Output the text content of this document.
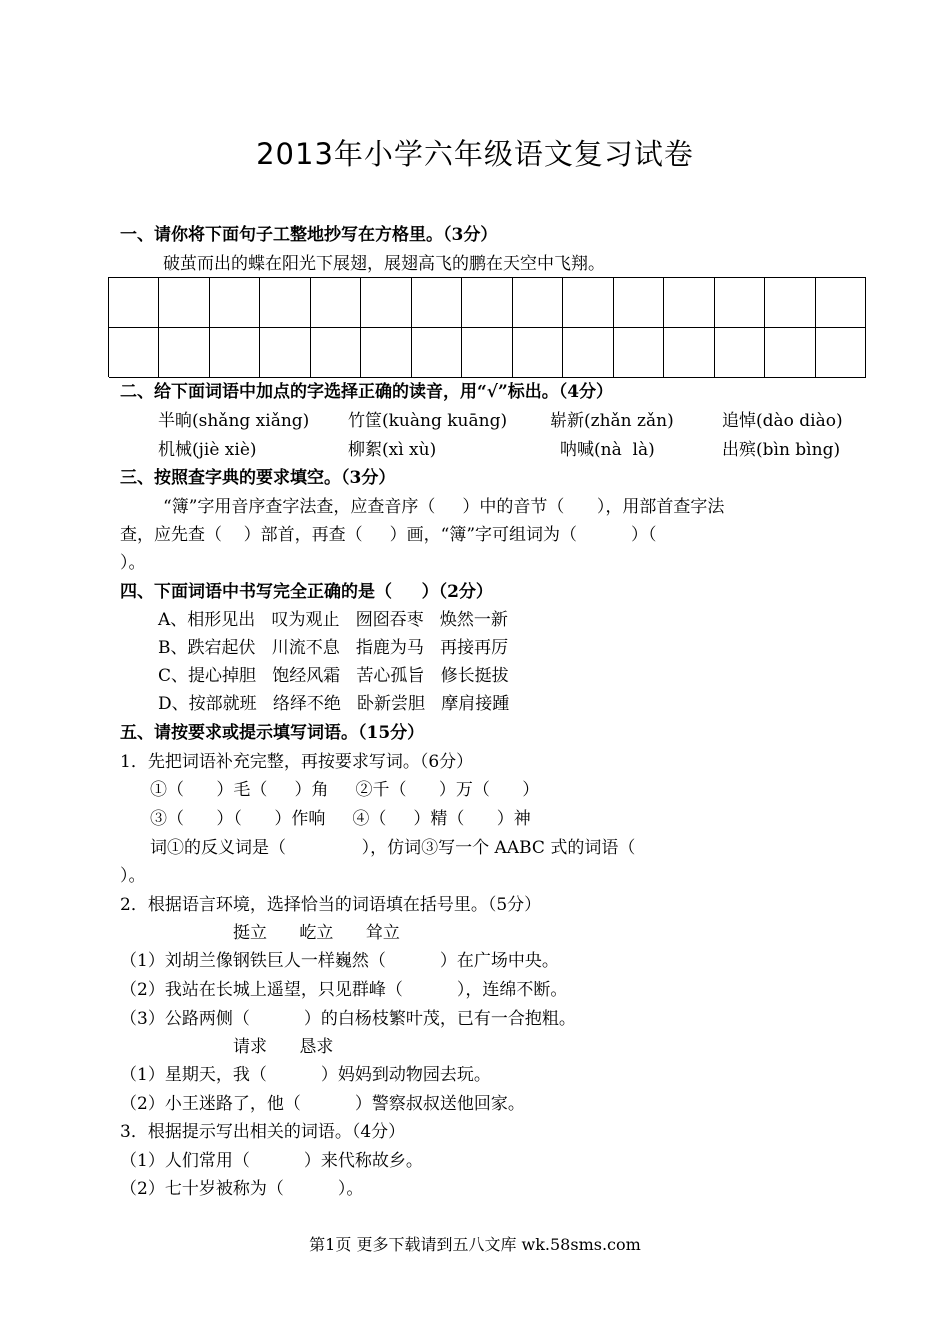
2013年小学六年级语文复习试卷
一、请你将下面句子工整地抄写在方格里。（3分）
破茧而出的蝶在阳光下展翅，展翅高飞的鹏在天空中飞翔。
二、给下面词语中加点的字选择正确的读音，用“√”标出。（4分）
半晌(shǎng xiǎng) 竹筐(kuàng kuāng)	崭新(zhǎn zǎn)	追悼(dào diào)
机械(jiè xiè)	柳絮(xì xù)	呐喊(nà  là)	出殡(bìn bìng)
三、按照查字典的要求填空。（3分）
“簿”字用音序查字法查，应查音序（     ）中的音节（      ），用部首查字法
查，应先查（    ）部首，再查（     ）画，“簿”字可组词为（          ）（
）。
四、下面词语中书写完全正确的是（     ）（2分）
A、相形见出   叹为观止   囫囵吞枣   焕然一新
B、跌宕起伏   川流不息   指鹿为马   再接再厉
C、提心掉胆   饱经风霜   苦心孤旨   修长挺拔
D、按部就班   络绎不绝   卧新尝胆   摩肩接踵
五、请按要求或提示填写词语。（15分）
1．先把词语补充完整，再按要求写词。（6分）
①（      ）毛（     ）角     ②千（      ）万（      ）
③（      ）（      ）作响     ④（     ）精（      ）神
词①的反义词是（              ），仿词③写一个 AABC 式的词语（
）。
2．根据语言环境，选择恰当的词语填在括号里。（5分）
挺立      屹立      耸立
（1）刘胡兰像钢铁巨人一样巍然（          ）在广场中央。
（2）我站在长城上遥望，只见群峰（          ），连绵不断。
（3）公路两侧（          ）的白杨枝繁叶茂，已有一合抱粗。
请求      恳求
（1）星期天，我（          ）妈妈到动物园去玩。
（2）小王迷路了，他（          ）警察叔叔送他回家。
3．根据提示写出相关的词语。（4分）
（1）人们常用（          ）来代称故乡。
（2）七十岁被称为（          ）。
第1页 更多下载请到五八文库 wk.58sms.com
